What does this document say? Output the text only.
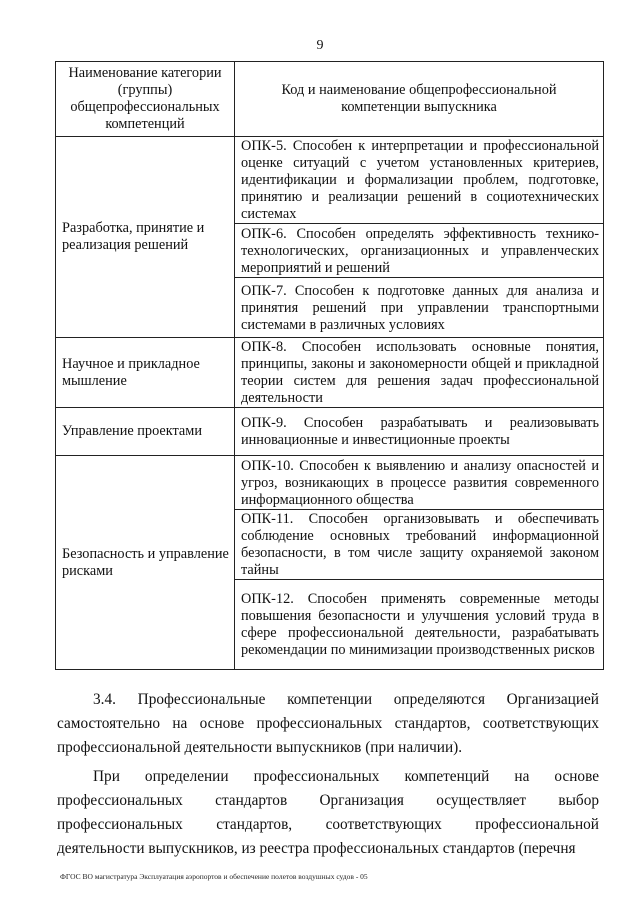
9
Наименование категории (группы) общепрофессиональных компетенций	Код и наименование общепрофессиональной компетенции выпускника
Разработка, принятие и реализация решений	ОПК-5. Способен к интерпретации и профессиональной оценке ситуаций с учетом установленных критериев, идентификации и формализации проблем, подготовке, принятию и реализации решений в социотехнических системах
	ОПК-6. Способен определять эффективность технико-технологических, организационных и управленческих мероприятий и решений
	ОПК-7. Способен к подготовке данных для анализа и принятия решений при управлении транспортными системами в различных условиях
Научное и прикладное мышление	ОПК-8. Способен использовать основные понятия, принципы, законы и закономерности общей и прикладной теории систем для решения задач профессиональной деятельности
Управление проектами	ОПК-9. Способен разрабатывать и реализовывать инновационные и инвестиционные проекты
Безопасность и управление рисками	ОПК-10. Способен к выявлению и анализу опасностей и угроз, возникающих в процессе развития современного информационного общества
	ОПК-11. Способен организовывать и обеспечивать соблюдение основных требований информационной безопасности, в том числе защиту охраняемой законом тайны
	ОПК-12. Способен применять современные методы повышения безопасности и улучшения условий труда в сфере профессиональной деятельности, разрабатывать рекомендации по минимизации производственных рисков
3.4. Профессиональные компетенции определяются Организацией самостоятельно на основе профессиональных стандартов, соответствующих профессиональной деятельности выпускников (при наличии).
При определении профессиональных компетенций на основе профессиональных стандартов Организация осуществляет выбор профессиональных стандартов, соответствующих профессиональной деятельности выпускников, из реестра профессиональных стандартов (перечня
ФГОС ВО магистратура Эксплуатация аэропортов и обеспечение полетов воздушных судов - 05
